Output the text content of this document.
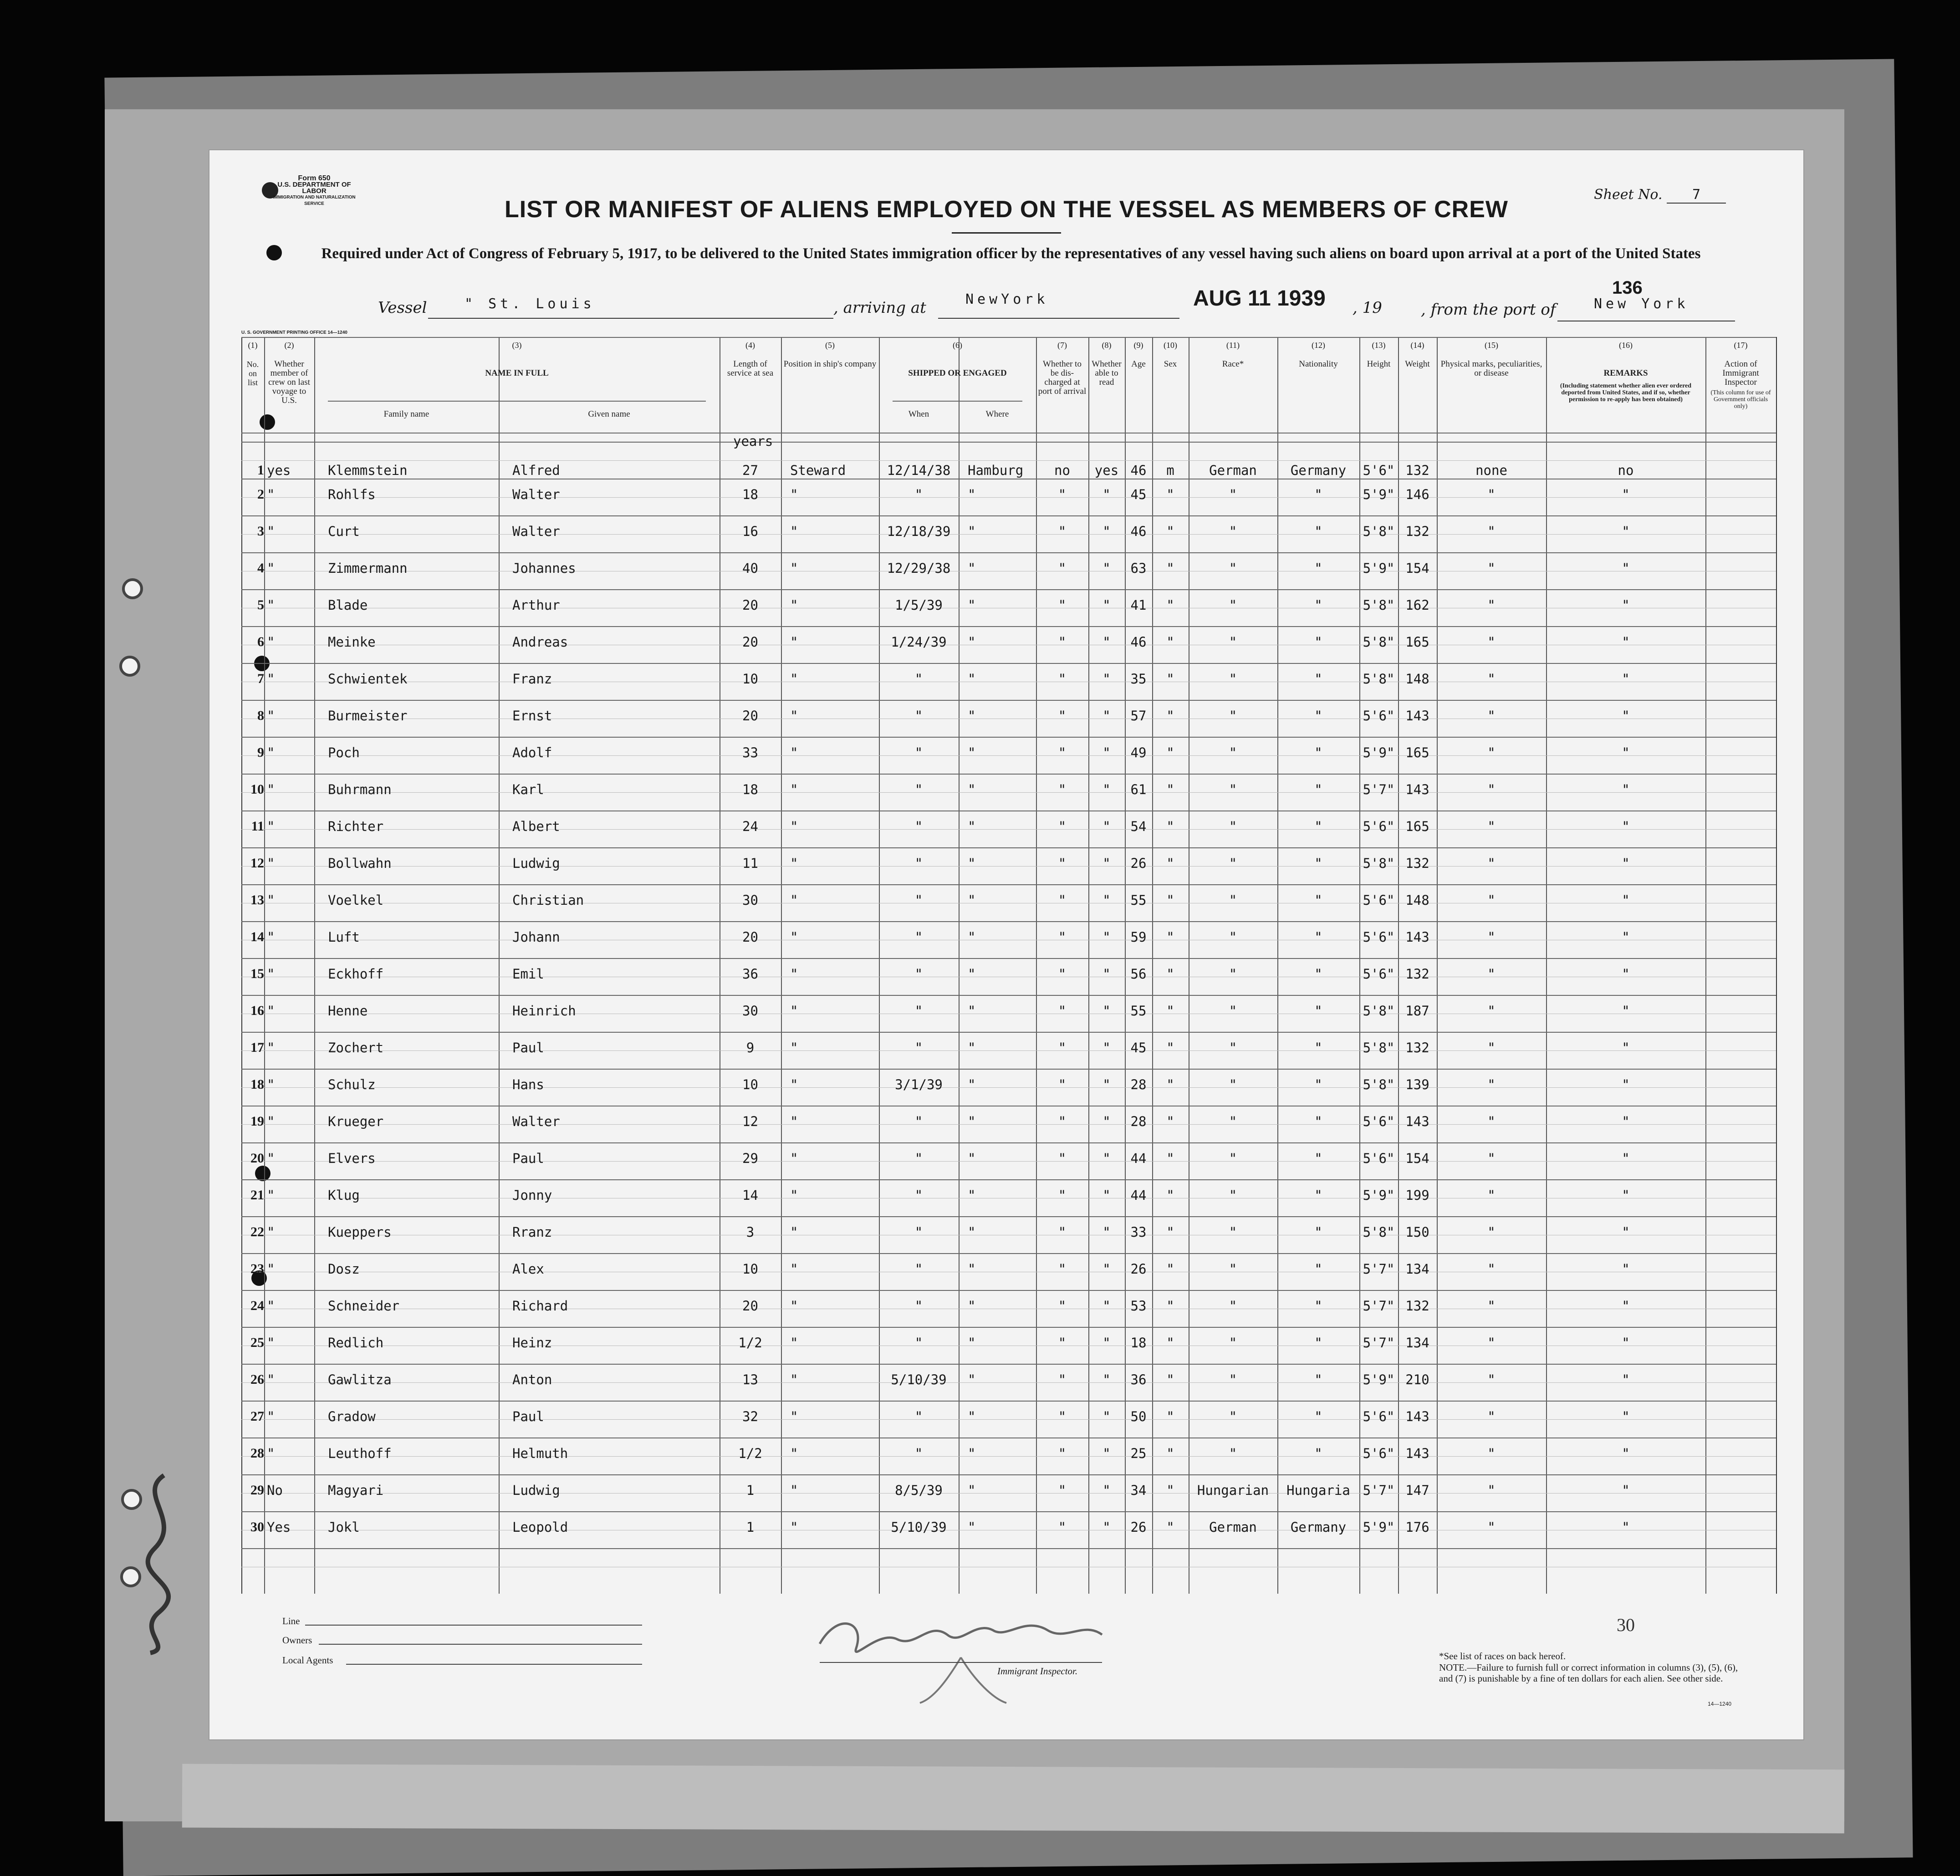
Form 650
U.S. DEPARTMENT OF LABOR
IMMIGRATION AND NATURALIZATION SERVICE
Sheet No. 7
LIST OR MANIFEST OF ALIENS EMPLOYED ON THE VESSEL AS MEMBERS OF CREW
Required under Act of Congress of February 5, 1917, to be delivered to the United States immigration officer by the representatives of any vessel having such aliens on board upon arrival at a port of the United States
Vessel	" St. Louis	, arriving at	NewYork	AUG 11 1939 , 19	, from the port of	New York
136
U. S. GOVERNMENT PRINTING OFFICE 14—1240
(1)
No. on list
(2)
Whether member of crew on last voyage to U.S.
(3)
NAME IN FULL
(4)
Length of service at sea
(5)
Position in ship's company
(6)
SHIPPED OR ENGAGED
(7)
Whether to be dis-charged at port of arrival
(8)
Whether able to read
(9)
Age
(10)
Sex
(11)
Race*
(12)
Nationality
(13)
Height
(14)
Weight
(15)
Physical marks, peculiarities, or disease
(16)
REMARKS
(17)
Action of Immigrant Inspector
Family name	Given name	When	Where
(Including statement whether alien ever ordered deported from United States, and if so, whether permission to re-apply has been obtained)
(This column for use of Government officials only)
years
1 yes	Klemmstein	Alfred	27	Steward	12/14/38	Hamburg	no	yes 46	m	German	Germany	5'6" 132	none	no
2 "	Rohlfs	Walter	18	"	"	"	"	"	45	"	"	"	5'9" 146	"	"
3 "	Curt	Walter	16	"	12/18/39	"	"	"	46	"	"	"	5'8" 132	"	"
4 "	Zimmermann	Johannes	40	"	12/29/38	"	"	"	63	"	"	"	5'9" 154	"	"
5 "	Blade	Arthur	20	"	1/5/39	"	"	"	41	"	"	"	5'8" 162	"	"
6 "	Meinke	Andreas	20	"	1/24/39	"	"	"	46	"	"	"	5'8" 165	"	"
7 "	Schwientek	Franz	10	"	"	"	"	"	35	"	"	"	5'8" 148	"	"
8 "	Burmeister	Ernst	20	"	"	"	"	"	57	"	"	"	5'6" 143	"	"
9 "	Poch	Adolf	33	"	"	"	"	"	49	"	"	"	5'9" 165	"	"
10 "	Buhrmann	Karl	18	"	"	"	"	"	61	"	"	"	5'7" 143	"	"
11 "	Richter	Albert	24	"	"	"	"	"	54	"	"	"	5'6" 165	"	"
12 "	Bollwahn	Ludwig	11	"	"	"	"	"	26	"	"	"	5'8" 132	"	"
13 "	Voelkel	Christian	30	"	"	"	"	"	55	"	"	"	5'6" 148	"	"
14 "	Luft	Johann	20	"	"	"	"	"	59	"	"	"	5'6" 143	"	"
15 "	Eckhoff	Emil	36	"	"	"	"	"	56	"	"	"	5'6" 132	"	"
16 "	Henne	Heinrich	30	"	"	"	"	"	55	"	"	"	5'8" 187	"	"
17 "	Zochert	Paul	9	"	"	"	"	"	45	"	"	"	5'8" 132	"	"
18 "	Schulz	Hans	10	"	3/1/39	"	"	"	28	"	"	"	5'8" 139	"	"
19 "	Krueger	Walter	12	"	"	"	"	"	28	"	"	"	5'6" 143	"	"
20 "	Elvers	Paul	29	"	"	"	"	"	44	"	"	"	5'6" 154	"	"
21 "	Klug	Jonny	14	"	"	"	"	"	44	"	"	"	5'9" 199	"	"
22 "	Kueppers	Rranz	3	"	"	"	"	"	33	"	"	"	5'8" 150	"	"
23 "	Dosz	Alex	10	"	"	"	"	"	26	"	"	"	5'7" 134	"	"
24 "	Schneider	Richard	20	"	"	"	"	"	53	"	"	"	5'7" 132	"	"
25 "	Redlich	Heinz	1/2	"	"	"	"	"	18	"	"	"	5'7" 134	"	"
26 "	Gawlitza	Anton	13	"	5/10/39	"	"	"	36	"	"	"	5'9" 210	"	"
27 "	Gradow	Paul	32	"	"	"	"	"	50	"	"	"	5'6" 143	"	"
28 "	Leuthoff	Helmuth	1/2	"	"	"	"	"	25	"	"	"	5'6" 143	"	"
29 No	Magyari	Ludwig	1	"	8/5/39	"	"	"	34	"	Hungarian	Hungaria 5'7" 147	"	"
30 Yes	Jokl	Leopold	1	"	5/10/39	"	"	"	26	"	German	Germany	5'9" 176	"	"
Line
Owners
Local Agents
Immigrant Inspector.
*See list of races on back hereof.
NOTE.—Failure to furnish full or correct information in columns (3), (5), (6), and (7) is punishable by a fine of ten dollars for each alien. See other side.
14—1240
30
